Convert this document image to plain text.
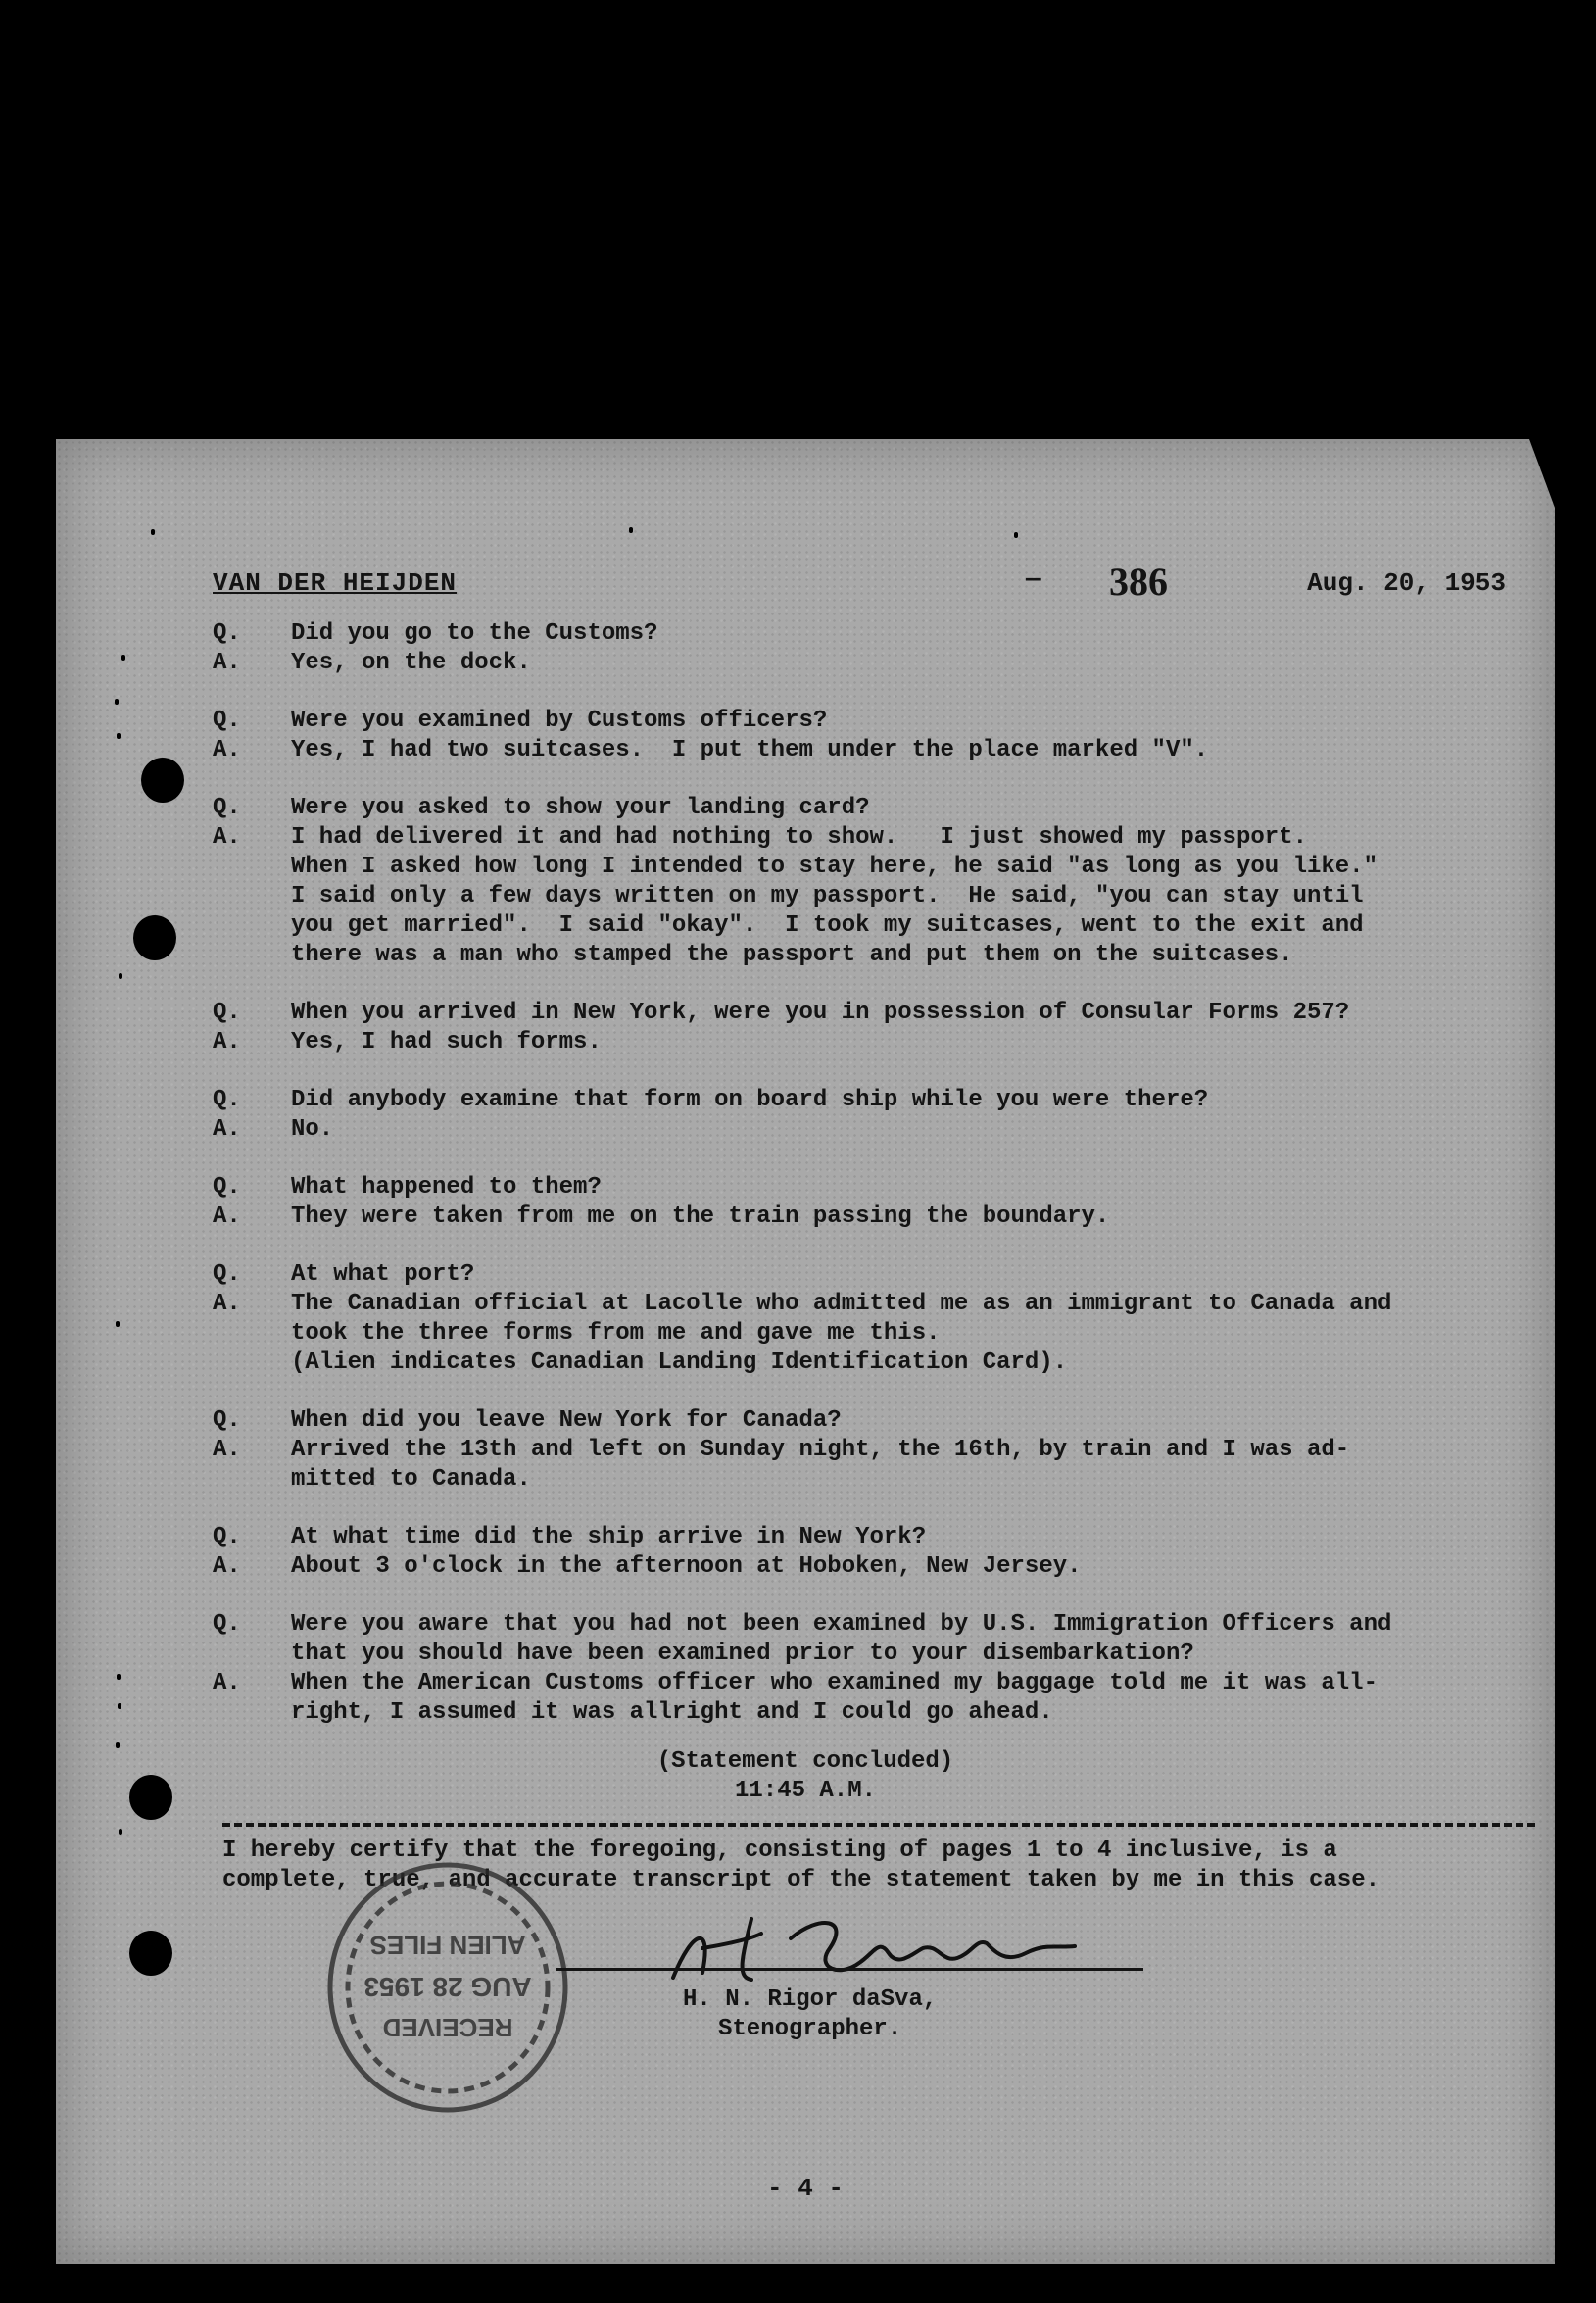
VAN DER HEIJDEN	— 386	Aug. 20, 1953
Q.	Did you go to the Customs?
A.	Yes, on the dock.
Q.	Were you examined by Customs officers?
A.	Yes, I had two suitcases.  I put them under the place marked "V".
Q.	Were you asked to show your landing card?
A.	I had delivered it and had nothing to show.   I just showed my passport.
When I asked how long I intended to stay here, he said "as long as you like."
I said only a few days written on my passport.  He said, "you can stay until
you get married".  I said "okay".  I took my suitcases, went to the exit and
there was a man who stamped the passport and put them on the suitcases.
Q.	When you arrived in New York, were you in possession of Consular Forms 257?
A.	Yes, I had such forms.
Q.	Did anybody examine that form on board ship while you were there?
A.	No.
Q.	What happened to them?
A.	They were taken from me on the train passing the boundary.
Q.	At what port?
A.	The Canadian official at Lacolle who admitted me as an immigrant to Canada and
took the three forms from me and gave me this.
(Alien indicates Canadian Landing Identification Card).
Q.	When did you leave New York for Canada?
A.	Arrived the 13th and left on Sunday night, the 16th, by train and I was ad-
mitted to Canada.
Q.	At what time did the ship arrive in New York?
A.	About 3 o'clock in the afternoon at Hoboken, New Jersey.
Q.	Were you aware that you had not been examined by U.S. Immigration Officers and
that you should have been examined prior to your disembarkation?
A.	When the American Customs officer who examined my baggage told me it was all-
right, I assumed it was allright and I could go ahead.
(Statement concluded)
11:45 A.M.
I hereby certify that the foregoing, consisting of pages 1 to 4 inclusive, is a
complete, true, and accurate transcript of the statement taken by me in this case.
RECEIVED
AUG 28 1953
ALIEN FILES
H. N. Rigor daSva,
Stenographer.
- 4 -
